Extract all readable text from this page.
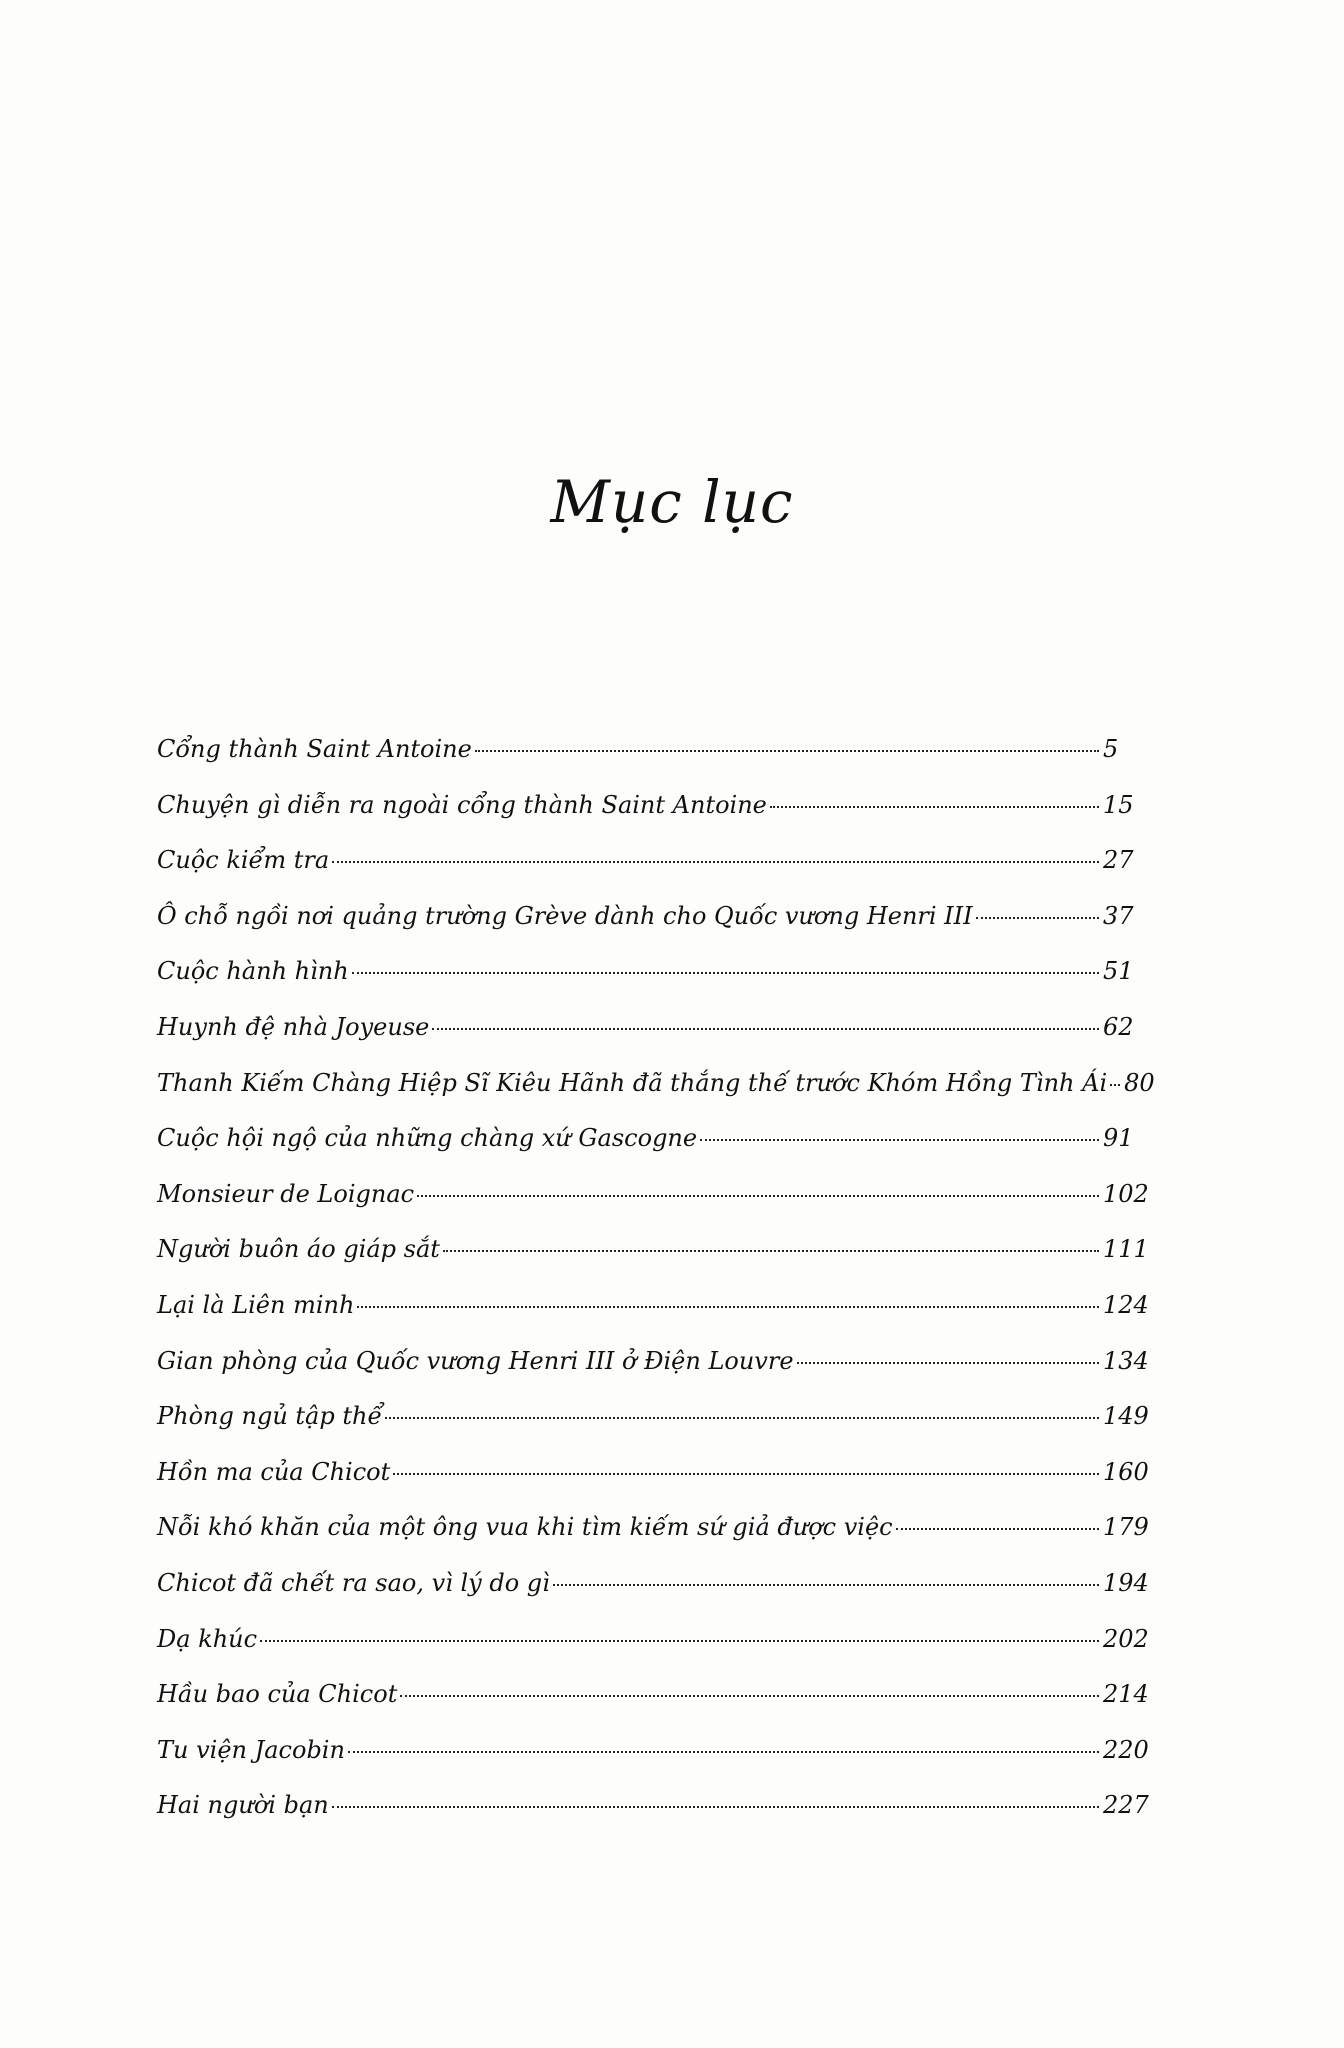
Mục lục
Cổng thành Saint Antoine	5
Chuyện gì diễn ra ngoài cổng thành Saint Antoine	15
Cuộc kiểm tra	27
Ô chỗ ngồi nơi quảng trường Grève dành cho Quốc vương Henri III	37
Cuộc hành hình	51
Huynh đệ nhà Joyeuse	62
Thanh Kiếm Chàng Hiệp Sĩ Kiêu Hãnh đã thắng thế trước Khóm Hồng Tình Ái 80
Cuộc hội ngộ của những chàng xứ Gascogne	91
Monsieur de Loignac	102
Người buôn áo giáp sắt	111
Lại là Liên minh	124
Gian phòng của Quốc vương Henri III ở Điện Louvre	134
Phòng ngủ tập thể	149
Hồn ma của Chicot	160
Nỗi khó khăn của một ông vua khi tìm kiếm sứ giả được việc	179
Chicot đã chết ra sao, vì lý do gì	194
Dạ khúc	202
Hầu bao của Chicot	214
Tu viện Jacobin	220
Hai người bạn	227
